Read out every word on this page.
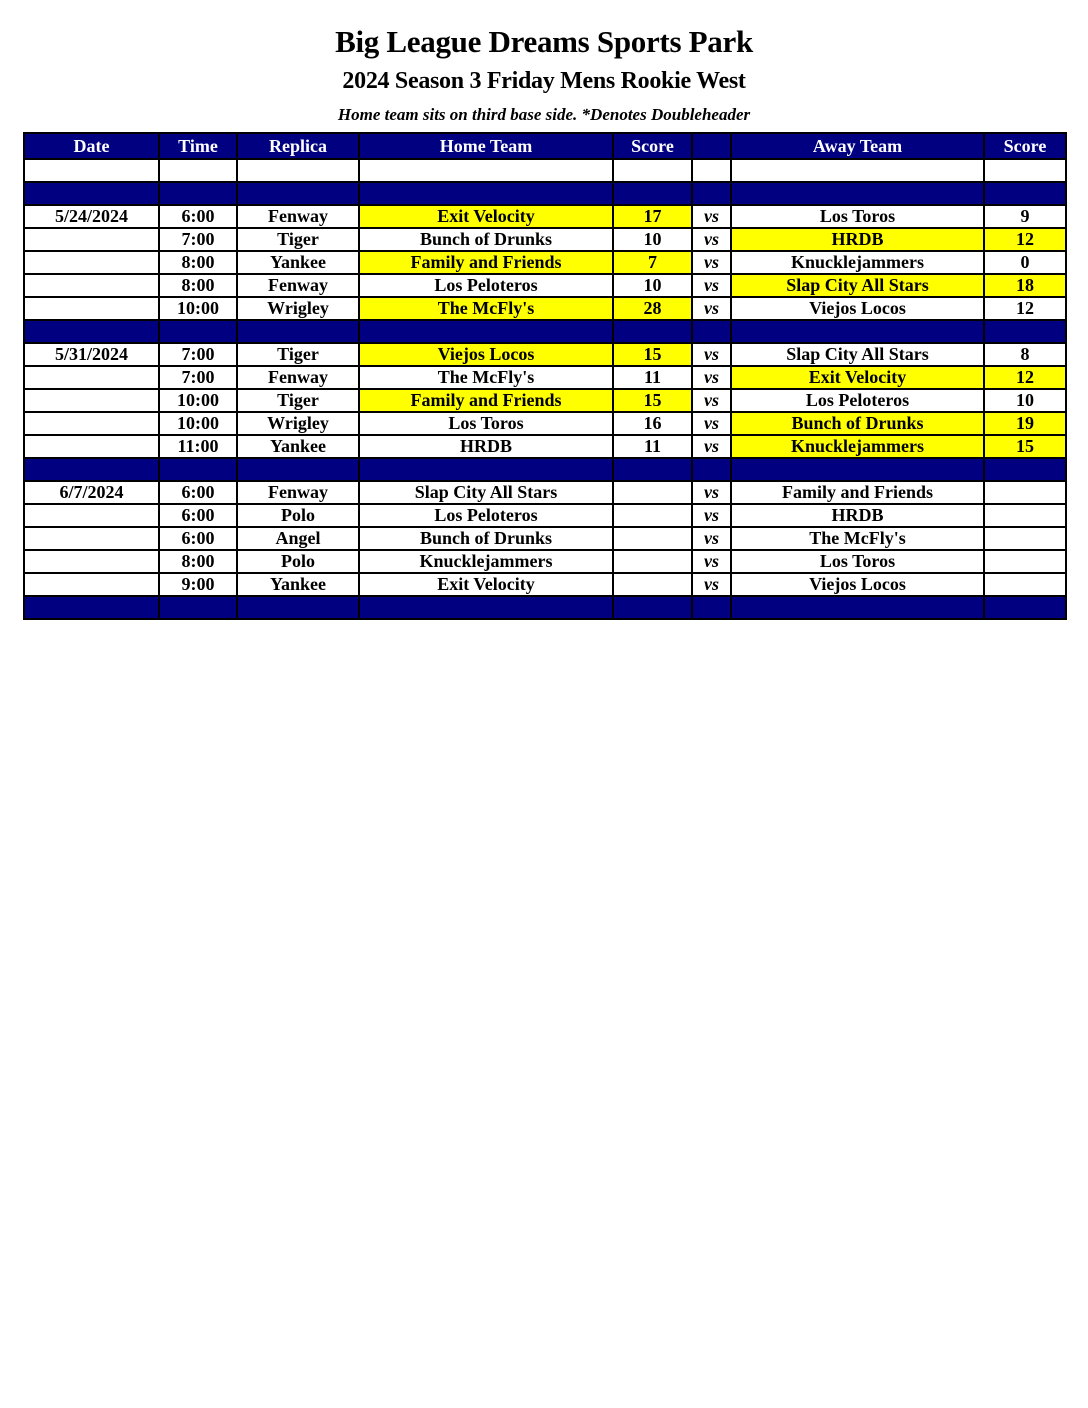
Big League Dreams Sports Park
2024 Season 3 Friday Mens Rookie West
Home team sits on third base side. *Denotes Doubleheader
Date	Time	Replica	Home Team	Score		Away Team	Score

5/24/2024	6:00	Fenway	Exit Velocity	17	vs	Los Toros	9
	7:00	Tiger	Bunch of Drunks	10	vs	HRDB	12
	8:00	Yankee	Family and Friends	7	vs	Knucklejammers	0
	8:00	Fenway	Los Peloteros	10	vs	Slap City All Stars	18
	10:00	Wrigley	The McFly's	28	vs	Viejos Locos	12

5/31/2024	7:00	Tiger	Viejos Locos	15	vs	Slap City All Stars	8
	7:00	Fenway	The McFly's	11	vs	Exit Velocity	12
	10:00	Tiger	Family and Friends	15	vs	Los Peloteros	10
	10:00	Wrigley	Los Toros	16	vs	Bunch of Drunks	19
	11:00	Yankee	HRDB	11	vs	Knucklejammers	15

6/7/2024	6:00	Fenway	Slap City All Stars		vs	Family and Friends	
	6:00	Polo	Los Peloteros		vs	HRDB	
	6:00	Angel	Bunch of Drunks		vs	The McFly's	
	8:00	Polo	Knucklejammers		vs	Los Toros	
	9:00	Yankee	Exit Velocity		vs	Viejos Locos	
